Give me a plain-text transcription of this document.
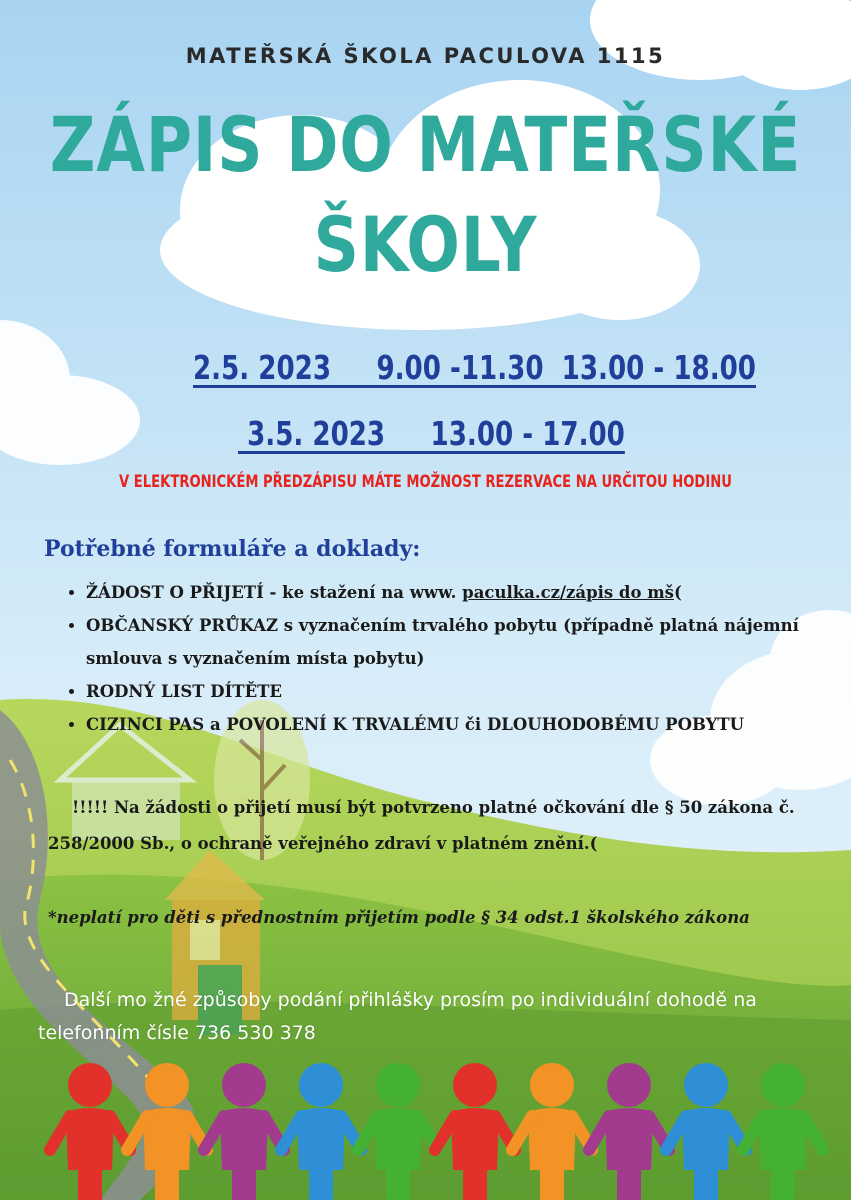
MATEŘSKÁ ŠKOLA PACULOVA 1115
ZÁPIS DO MATEŘSKÉ
ŠKOLY
2.5. 2023     9.00 -11.30  13.00 - 18.00
3.5. 2023     13.00 - 17.00
V ELEKTRONICKÉM PŘEDZÁPISU MÁTE MOŽNOST REZERVACE NA URČITOU HODINU
Potřebné formuláře a doklady:
• ŽÁDOST O PŘIJETÍ - ke stažení na www. paculka.cz/zápis do mš(
• OBČANSKÝ PRŮKAZ s vyznačením trvalého pobytu (případně platná nájemní smlouva s vyznačením místa pobytu)
• RODNÝ LIST DÍTĚTE
• CIZINCI PAS a POVOLENÍ K TRVALÉMU či DLOUHODOBÉMU POBYTU
!!!!! Na žádosti o přijetí musí být potvrzeno platné očkování dle § 50 zákona č. 258/2000 Sb., o ochraně veřejného zdraví v platném znění.(
*neplatí pro děti s přednostním přijetím podle § 34 odst.1 školského zákona
Další mo žné způsoby podání přihlášky prosím po individuální dohodě na telefonním čísle 736 530 378
